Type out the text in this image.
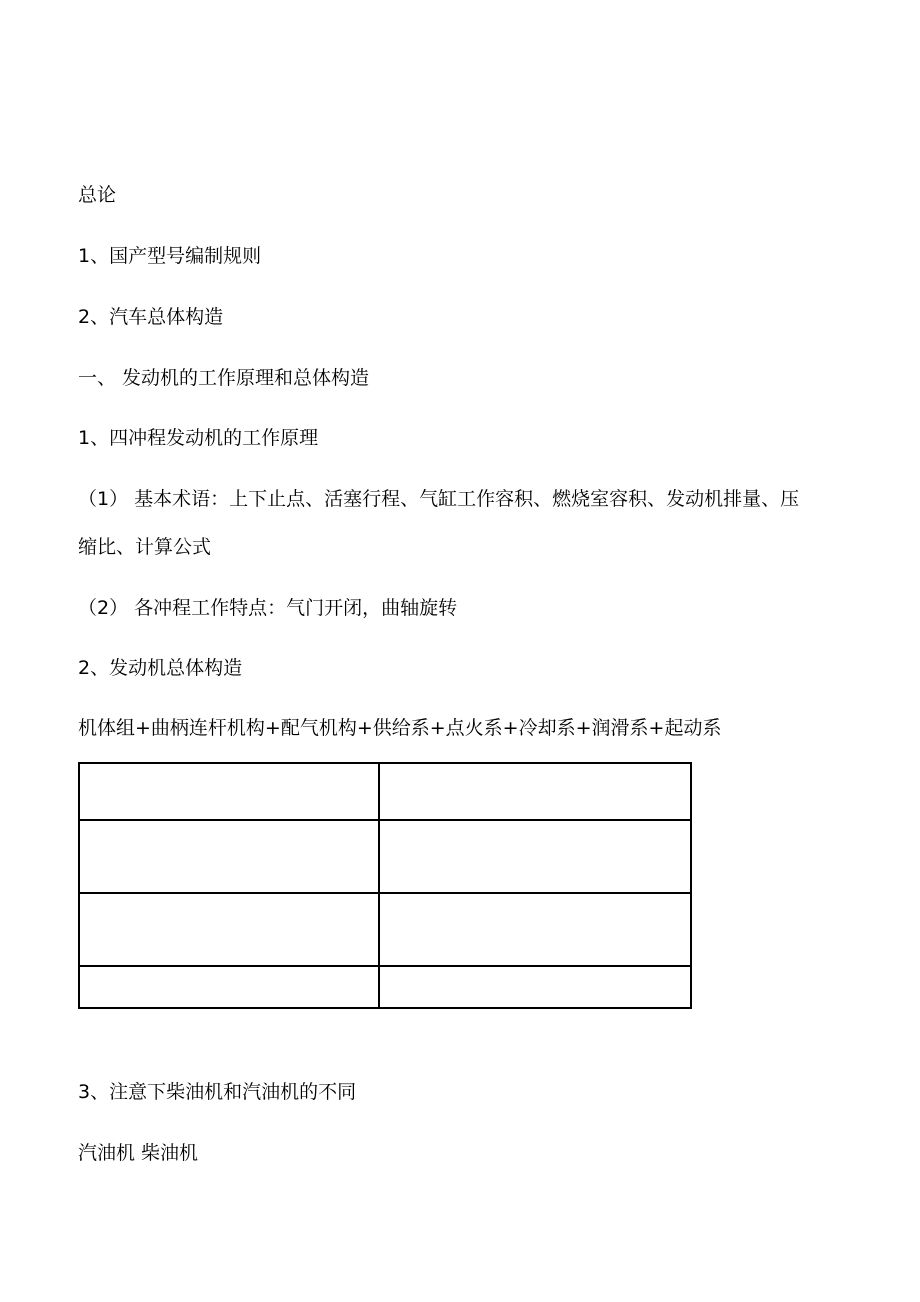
总论
1、国产型号编制规则
2、汽车总体构造
一、 发动机的工作原理和总体构造
1、四冲程发动机的工作原理
（1） 基本术语：上下止点、活塞行程、气缸工作容积、燃烧室容积、发动机排量、压
缩比、计算公式
（2） 各冲程工作特点：气门开闭，曲轴旋转
2、发动机总体构造
机体组+曲柄连杆机构+配气机构+供给系+点火系+冷却系+润滑系+起动系

3、注意下柴油机和汽油机的不同
汽油机 柴油机
